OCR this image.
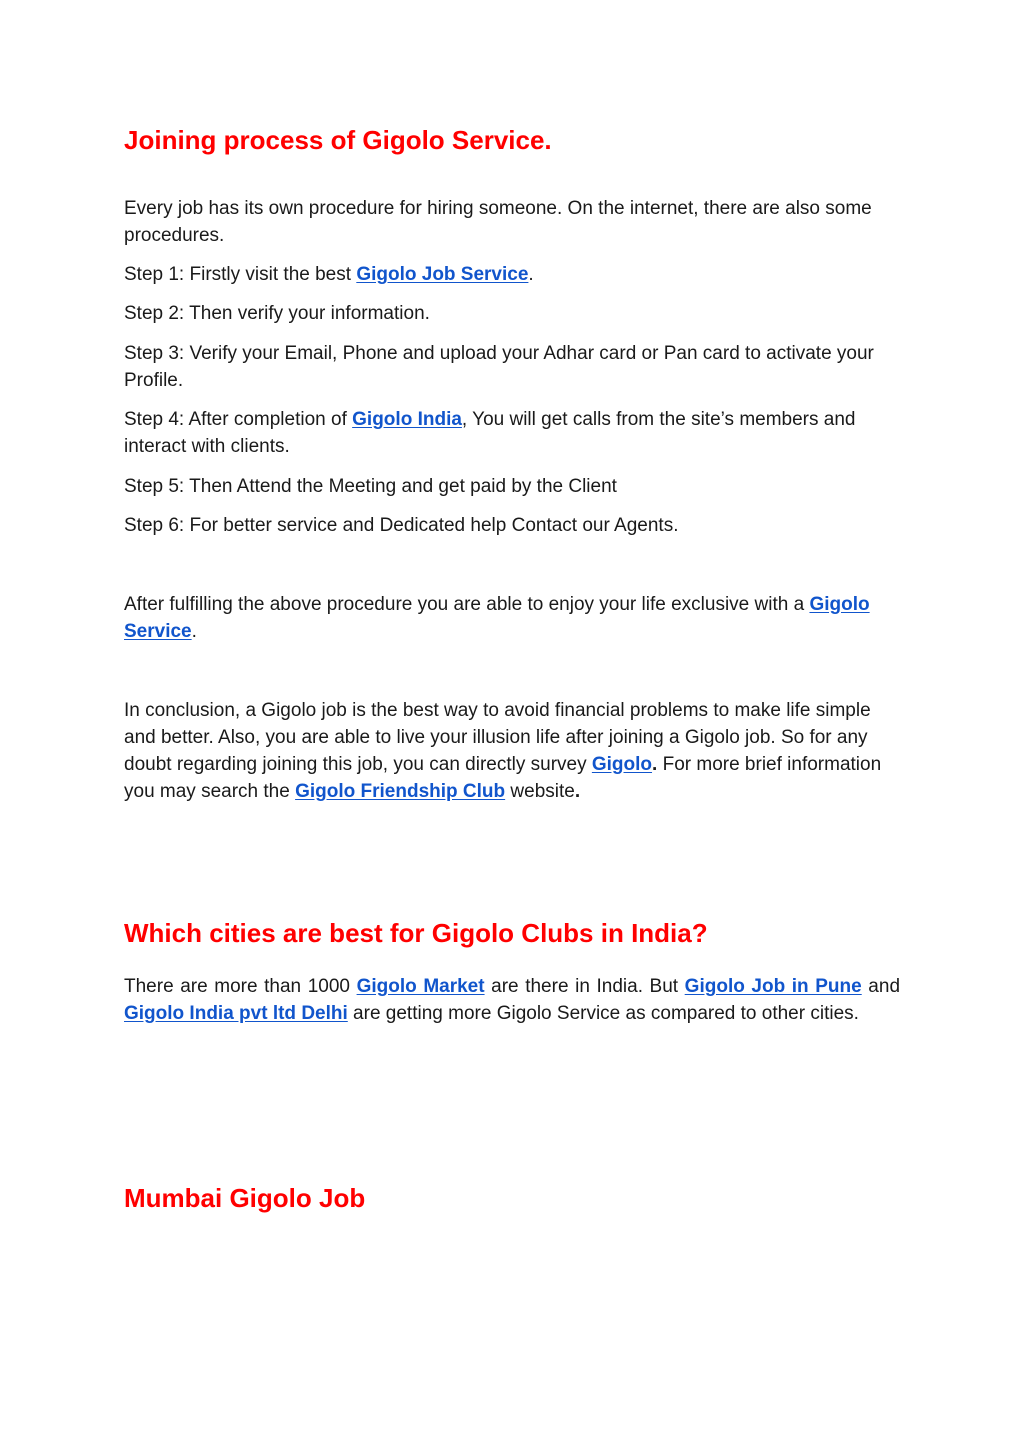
Joining process of Gigolo Service.

Every job has its own procedure for hiring someone. On the internet, there are also some procedures.

Step 1: Firstly visit the best Gigolo Job Service.

Step 2: Then verify your information.

Step 3: Verify your Email, Phone and upload your Adhar card or Pan card to activate your Profile.

Step 4: After completion of Gigolo India, You will get calls from the site’s members and interact with clients.

Step 5: Then Attend the Meeting and get paid by the Client

Step 6: For better service and Dedicated help Contact our Agents.

After fulfilling the above procedure you are able to enjoy your life exclusive with a Gigolo Service.

In conclusion, a Gigolo job is the best way to avoid financial problems to make life simple and better. Also, you are able to live your illusion life after joining a Gigolo job. So for any doubt regarding joining this job, you can directly survey Gigolo. For more brief information you may search the Gigolo Friendship Club website.

Which cities are best for Gigolo Clubs in India?

There are more than 1000 Gigolo Market are there in India. But Gigolo Job in Pune and Gigolo India pvt ltd Delhi are getting more Gigolo Service as compared to other cities.

Mumbai Gigolo Job
